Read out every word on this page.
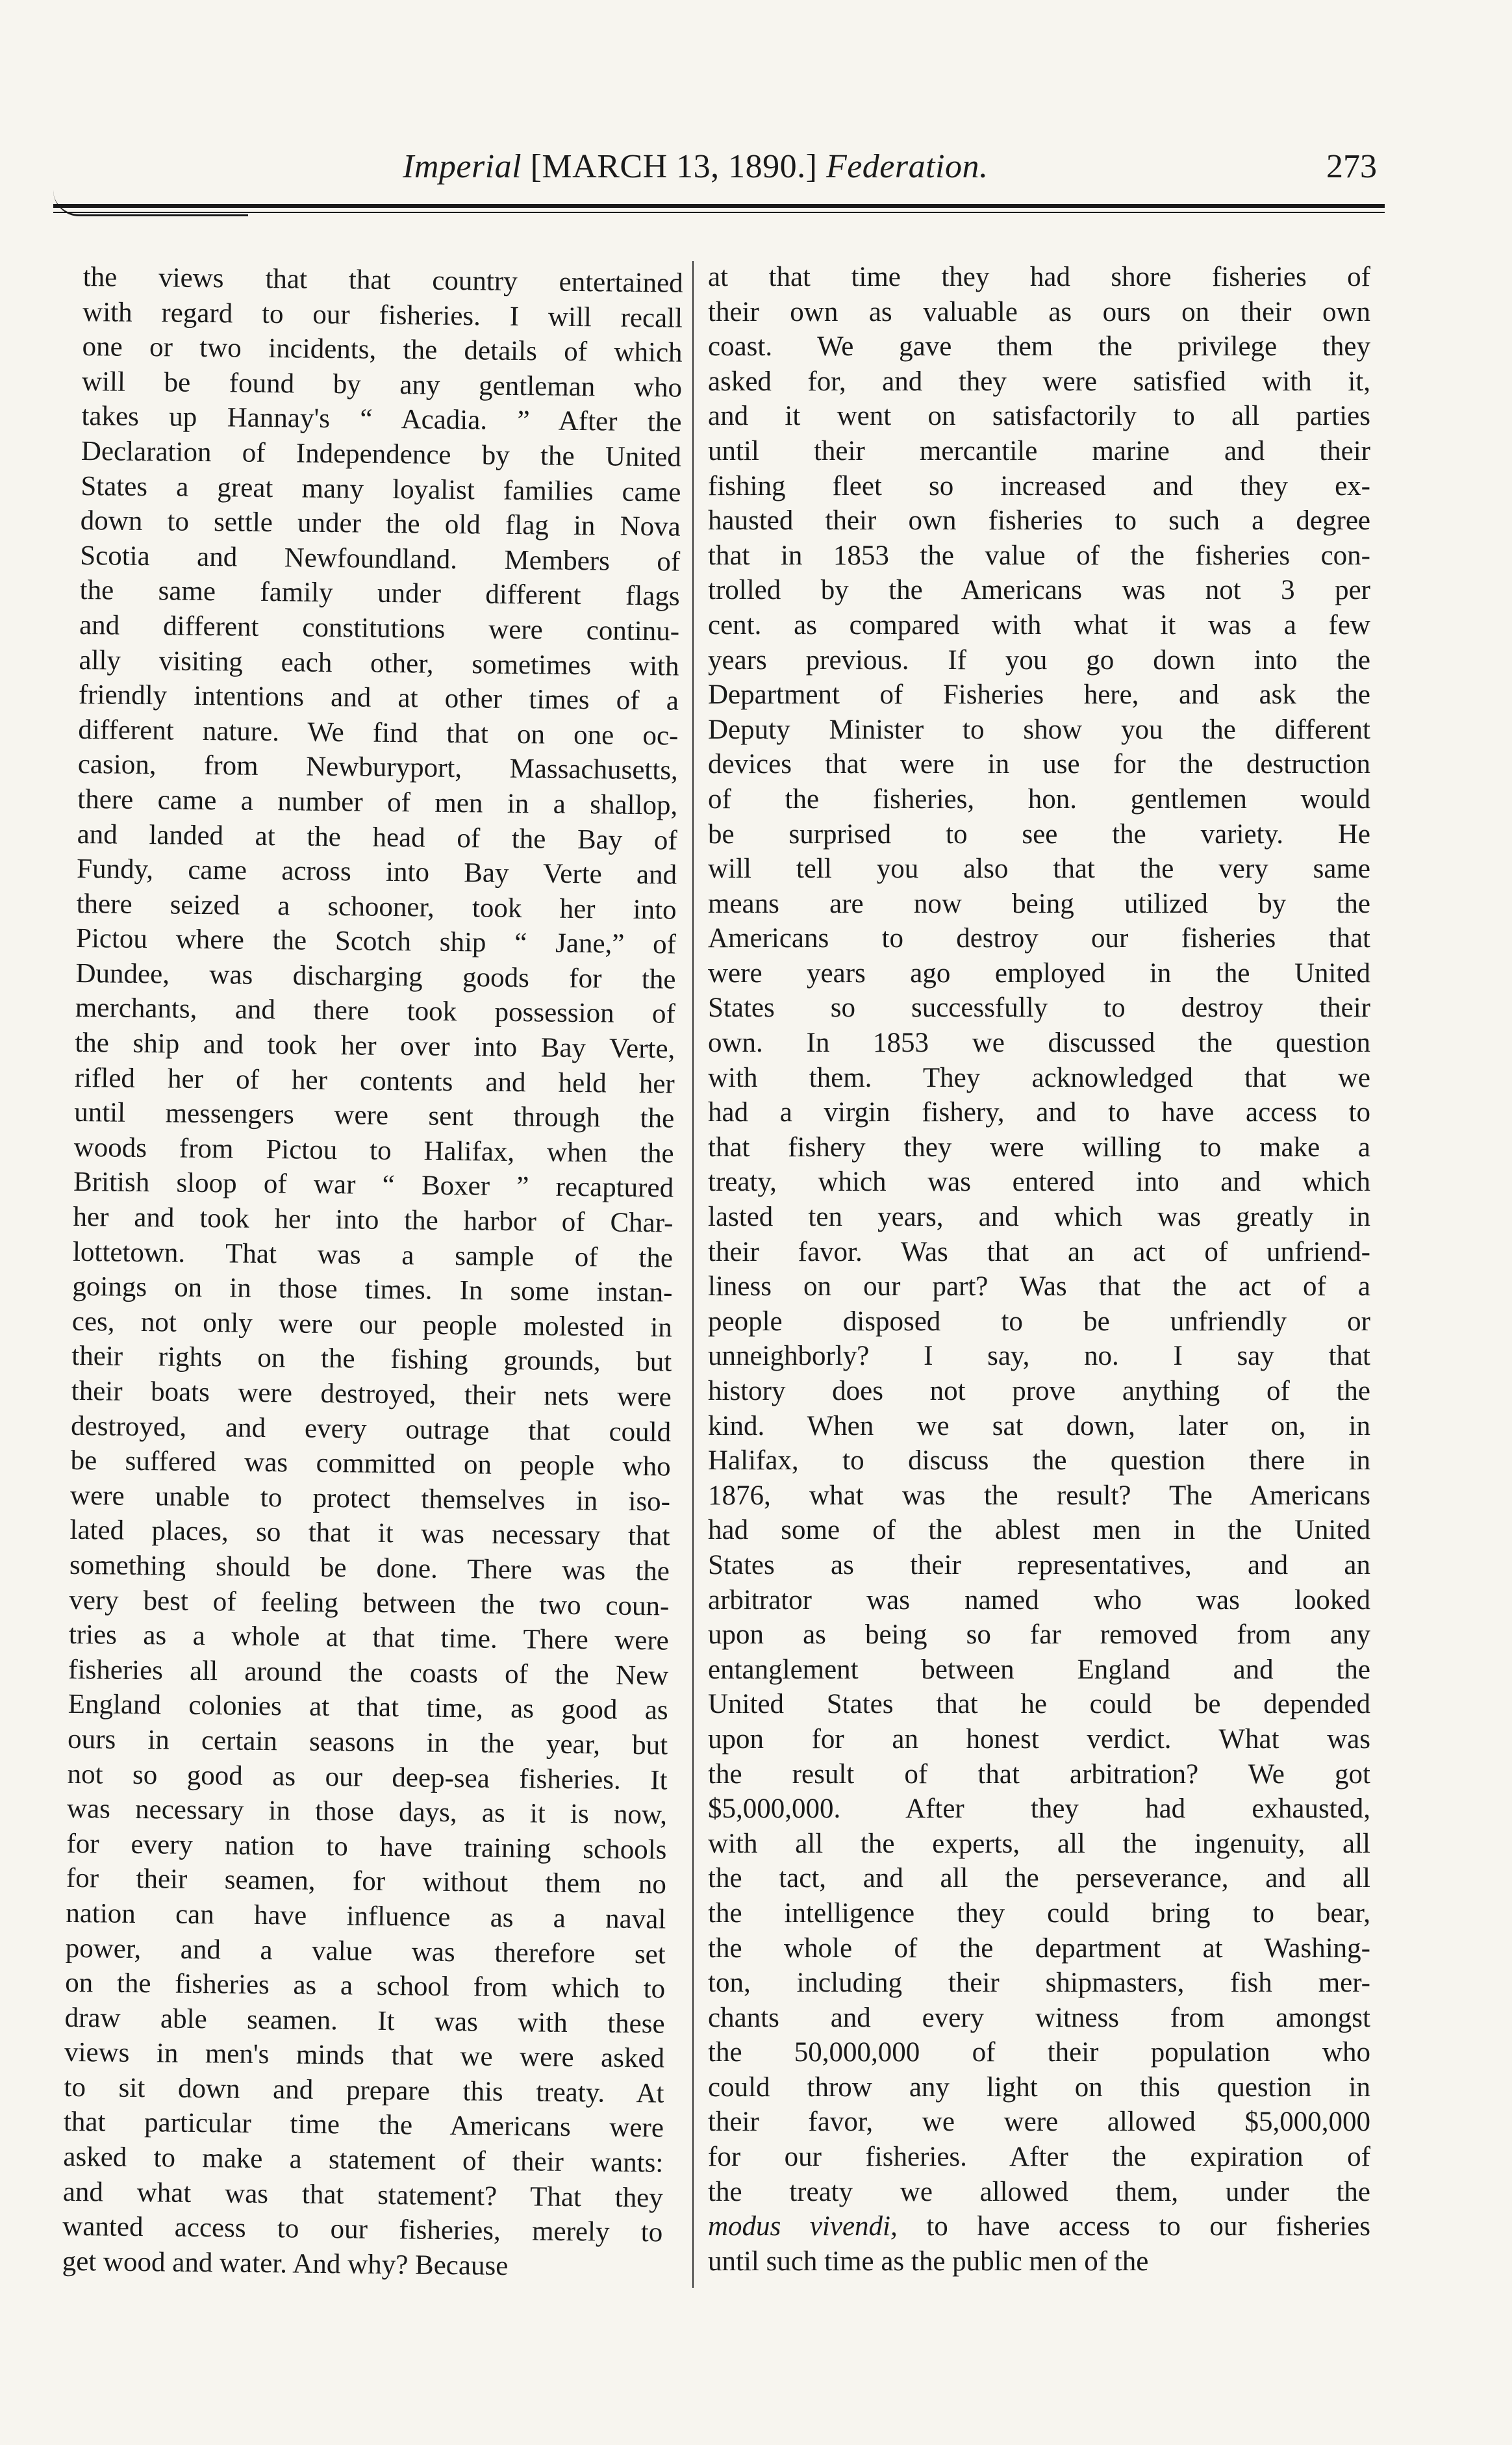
Imperial [MARCH 13, 1890.] Federation.	273
the views that that country entertained
with regard to our fisheries. I will recall
one or two incidents, the details of which
will be found by any gentleman who
takes up Hannay's “ Acadia. ” After the
Declaration of Independence by the United
States a great many loyalist families came
down to settle under the old flag in Nova
Scotia and Newfoundland. Members of
the same family under different flags
and different constitutions were continu-
ally visiting each other, sometimes with
friendly intentions and at other times of a
different nature. We find that on one oc-
casion, from Newburyport, Massachusetts,
there came a number of men in a shallop,
and landed at the head of the Bay of
Fundy, came across into Bay Verte and
there seized a schooner, took her into
Pictou where the Scotch ship “ Jane,” of
Dundee, was discharging goods for the
merchants, and there took possession of
the ship and took her over into Bay Verte,
rifled her of her contents and held her
until messengers were sent through the
woods from Pictou to Halifax, when the
British sloop of war “ Boxer ” recaptured
her and took her into the harbor of Char-
lottetown. That was a sample of the
goings on in those times. In some instan-
ces, not only were our people molested in
their rights on the fishing grounds, but
their boats were destroyed, their nets were
destroyed, and every outrage that could
be suffered was committed on people who
were unable to protect themselves in iso-
lated places, so that it was necessary that
something should be done. There was the
very best of feeling between the two coun-
tries as a whole at that time. There were
fisheries all around the coasts of the New
England colonies at that time, as good as
ours in certain seasons in the year, but
not so good as our deep-sea fisheries. It
was necessary in those days, as it is now,
for every nation to have training schools
for their seamen, for without them no
nation can have influence as a naval
power, and a value was therefore set
on the fisheries as a school from which to
draw able seamen. It was with these
views in men's minds that we were asked
to sit down and prepare this treaty. At
that particular time the Americans were
asked to make a statement of their wants:
and what was that statement? That they
wanted access to our fisheries, merely to
get wood and water. And why? Because
at that time they had shore fisheries of
their own as valuable as ours on their own
coast. We gave them the privilege they
asked for, and they were satisfied with it,
and it went on satisfactorily to all parties
until their mercantile marine and their
fishing fleet so increased and they ex-
hausted their own fisheries to such a degree
that in 1853 the value of the fisheries con-
trolled by the Americans was not 3 per
cent. as compared with what it was a few
years previous. If you go down into the
Department of Fisheries here, and ask the
Deputy Minister to show you the different
devices that were in use for the destruction
of the fisheries, hon. gentlemen would
be surprised to see the variety. He
will tell you also that the very same
means are now being utilized by the
Americans to destroy our fisheries that
were years ago employed in the United
States so successfully to destroy their
own. In 1853 we discussed the question
with them. They acknowledged that we
had a virgin fishery, and to have access to
that fishery they were willing to make a
treaty, which was entered into and which
lasted ten years, and which was greatly in
their favor. Was that an act of unfriend-
liness on our part? Was that the act of a
people disposed to be unfriendly or
unneighborly? I say, no. I say that
history does not prove anything of the
kind. When we sat down, later on, in
Halifax, to discuss the question there in
1876, what was the result? The Americans
had some of the ablest men in the United
States as their representatives, and an
arbitrator was named who was looked
upon as being so far removed from any
entanglement between England and the
United States that he could be depended
upon for an honest verdict. What was
the result of that arbitration? We got
$5,000,000. After they had exhausted,
with all the experts, all the ingenuity, all
the tact, and all the perseverance, and all
the intelligence they could bring to bear,
the whole of the department at Washing-
ton, including their shipmasters, fish mer-
chants and every witness from amongst
the 50,000,000 of their population who
could throw any light on this question in
their favor, we were allowed $5,000,000
for our fisheries. After the expiration of
the treaty we allowed them, under the
modus vivendi, to have access to our fisheries
until such time as the public men of the
